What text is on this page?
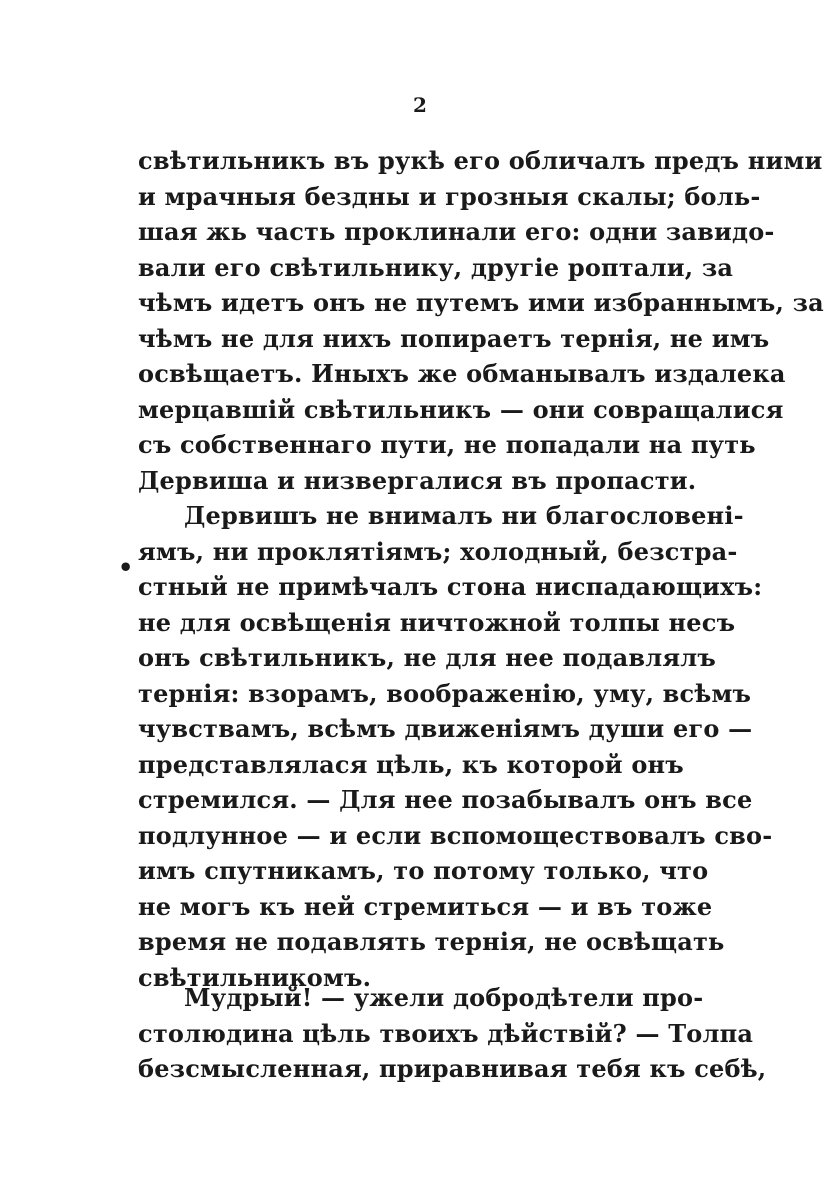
2
•
свѣтильникъ въ рукѣ его обличалъ предъ ними
и мрачныя бездны и грозныя скалы; боль-
шая жь часть проклинали его: одни завидо-
вали его свѣтильнику, другіе роптали, за
чѣмъ идетъ онъ не путемъ ими избраннымъ, за
чѣмъ не для нихъ попираетъ тернія, не имъ
освѣщаетъ. Иныхъ же обманывалъ издалека
мерцавшій свѣтильникъ — они совращалися
съ собственнаго пути, не попадали на путь
Дервиша и низвергалися въ пропасти.
Дервишъ не внималъ ни благословені-
ямъ, ни проклятіямъ; холодный, безстра-
стный не примѣчалъ стона ниспадающихъ:
не для освѣщенія ничтожной толпы несъ
онъ свѣтильникъ, не для нее подавлялъ
тернія: взорамъ, воображенію, уму, всѣмъ
чувствамъ, всѣмъ движеніямъ души его —
представлялася цѣль, къ которой онъ
стремился. — Для нее позабывалъ онъ все
подлунное — и если вспомоществовалъ сво-
имъ спутникамъ, то потому только, что
не могъ къ ней стремиться — и въ тоже
время не подавлять тернія, не освѣщать
свѣтильникомъ.
Мудрый! — ужели добродѣтели про-
столюдина цѣль твоихъ дѣйствій? — Толпа
безсмысленная, приравнивая тебя къ себѣ,
